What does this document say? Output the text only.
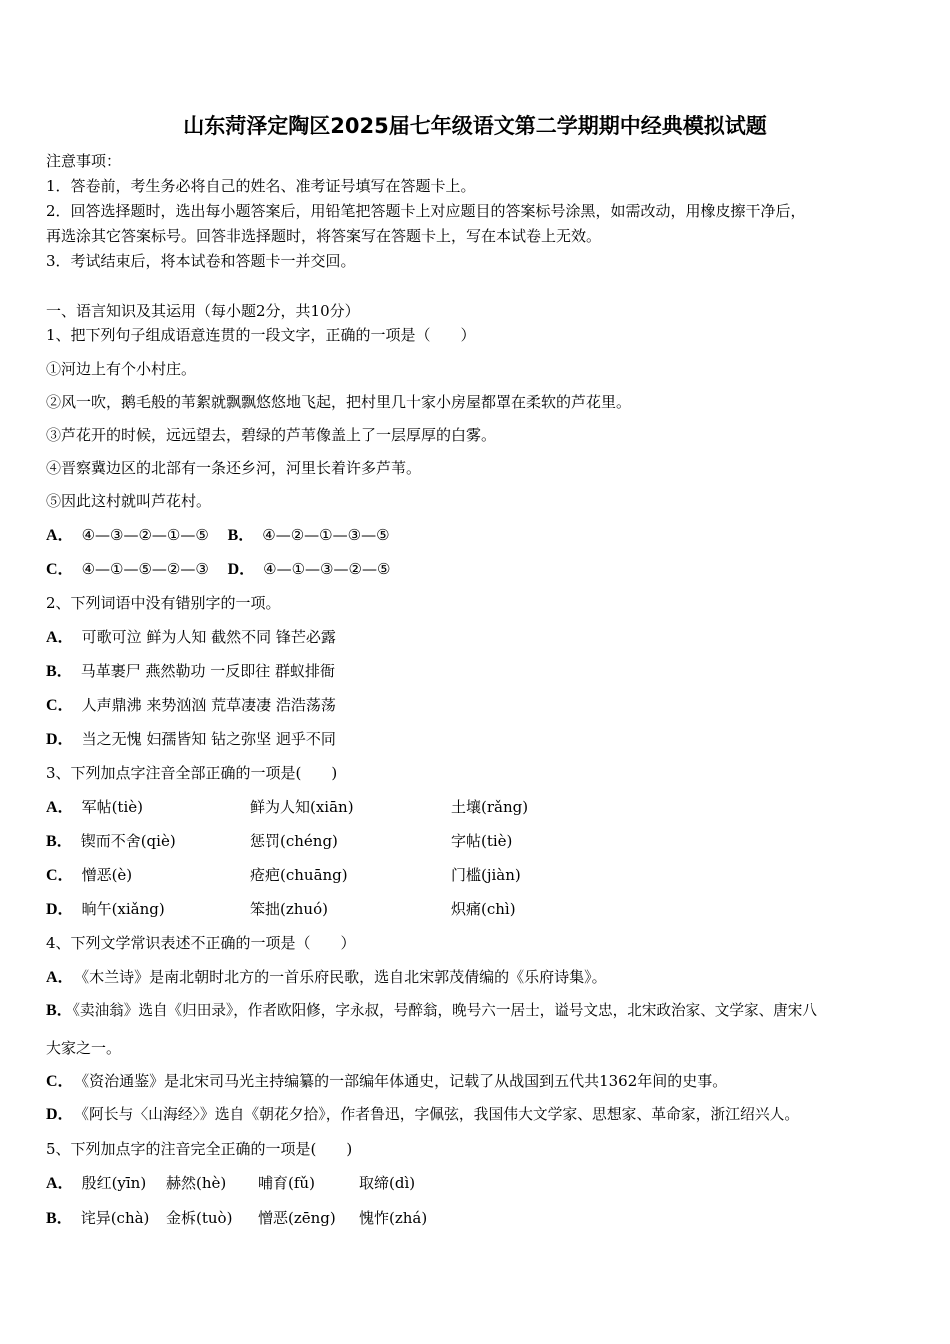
山东菏泽定陶区2025届七年级语文第二学期期中经典模拟试题
注意事项：
1．答卷前，考生务必将自己的姓名、准考证号填写在答题卡上。
2．回答选择题时，选出每小题答案后，用铅笔把答题卡上对应题目的答案标号涂黑，如需改动，用橡皮擦干净后，
再选涂其它答案标号。回答非选择题时，将答案写在答题卡上，写在本试卷上无效。
3．考试结束后，将本试卷和答题卡一并交回。
一、语言知识及其运用（每小题2分，共10分）
1、把下列句子组成语意连贯的一段文字，正确的一项是（　　）
①河边上有个小村庄。
②风一吹，鹅毛般的苇絮就飘飘悠悠地飞起，把村里几十家小房屋都罩在柔软的芦花里。
③芦花开的时候，远远望去，碧绿的芦苇像盖上了一层厚厚的白雾。
④晋察冀边区的北部有一条还乡河，河里长着许多芦苇。
⑤因此这村就叫芦花村。
A． ④—③—②—①—⑤ B． ④—②—①—③—⑤
C． ④—①—⑤—②—③ D． ④—①—③—②—⑤
2、下列词语中没有错别字的一项。
A． 可歌可泣 鲜为人知 截然不同 锋芒必露
B． 马革裹尸 燕然勒功 一反即往 群蚁排衙
C． 人声鼎沸 来势汹汹 荒草凄凄 浩浩荡荡
D． 当之无愧 妇孺皆知 钻之弥坚 迥乎不同
3、下列加点字注音全部正确的一项是(　　)
A． 军帖(tiè)	鲜为人知(xiān)	土壤(rǎng)
B． 锲而不舍(qiè)	惩罚(chéng)	字帖(tiè)
C． 憎恶(è)	疮疤(chuāng)	门槛(jiàn)
D． 晌午(xiǎng)	笨拙(zhuó)	炽痛(chì)
4、下列文学常识表述不正确的一项是（　　）
A． 《木兰诗》是南北朝时北方的一首乐府民歌，选自北宋郭茂倩编的《乐府诗集》。
B．《卖油翁》选自《归田录》，作者欧阳修，字永叔，号醉翁，晚号六一居士，谥号文忠，北宋政治家、文学家、唐宋八
大家之一。
C． 《资治通鉴》是北宋司马光主持编纂的一部编年体通史，记载了从战国到五代共1362年间的史事。
D． 《阿长与〈山海经〉》选自《朝花夕拾》，作者鲁迅，字佩弦，我国伟大文学家、思想家、革命家，浙江绍兴人。
5、下列加点字的注音完全正确的一项是(　　)
A． 殷红(yīn) 赫然(hè) 哺育(fǔ)	取缔(dì)
B． 诧异(chà) 金柝(tuò) 憎恶(zēng) 愧怍(zhá)
